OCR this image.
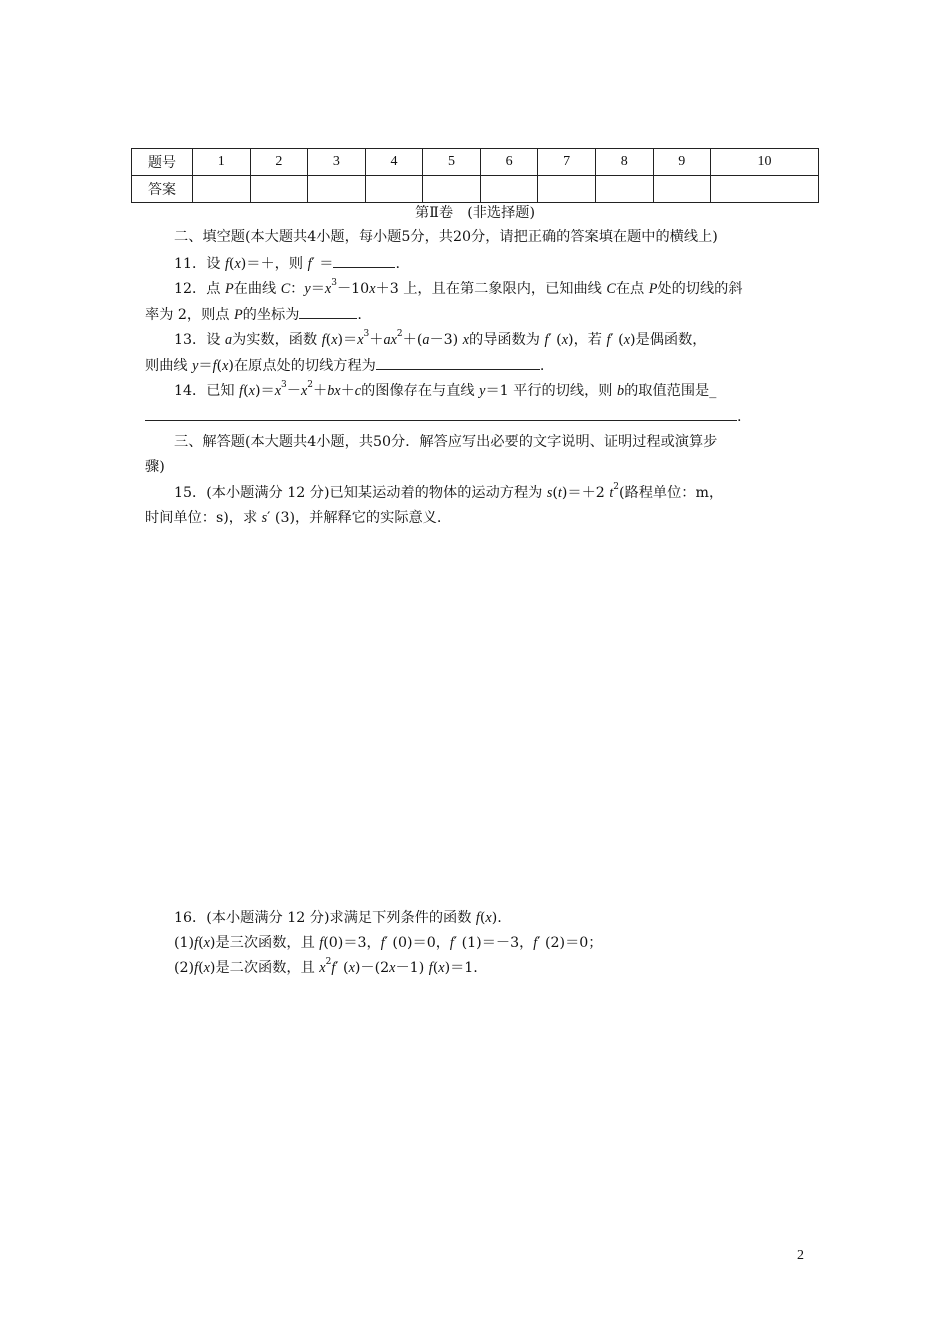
题号	1	2	3	4	5	6	7	8	9	10
答案										
第Ⅱ卷　(非选择题)
二、填空题(本大题共4小题，每小题5分，共20分，请把正确的答案填在题中的横线上)
11．设 f(x)＝＋，则 f′ ＝	.
12．点 P在曲线 C：$y=x^3-10x+3$ 上，且在第二象限内，已知曲线 C在点 P处的切线的斜
率为 2，则点 P的坐标为	.
13．设 a为实数，函数 $f(x)=x^3+ax^2+(a-3)$ x的导函数为 f′ (x)，若 f′ (x)是偶函数，
则曲线 y＝f(x)在原点处的切线方程为	.
14．已知 $f(x)=x^3-x^2+bx+c$的图像存在与直线 y＝1 平行的切线，则 b的取值范围是_
.
三、解答题(本大题共4小题，共50分．解答应写出必要的文字说明、证明过程或演算步
骤)
15．(本小题满分 12 分)已知某运动着的物体的运动方程为 s(t)＝＋2 $t^2$(路程单位：m，
时间单位：s)，求 s′ (3)，并解释它的实际意义.
16．(本小题满分 12 分)求满足下列条件的函数 f(x).
(1)f(x)是三次函数，且 f(0)＝3，f′ (0)＝0，f′ (1)＝－3，f′ (2)＝0；
(2)f(x)是二次函数，且 $x^2f'$ (x)－(2x－1) f(x)＝1.
2
